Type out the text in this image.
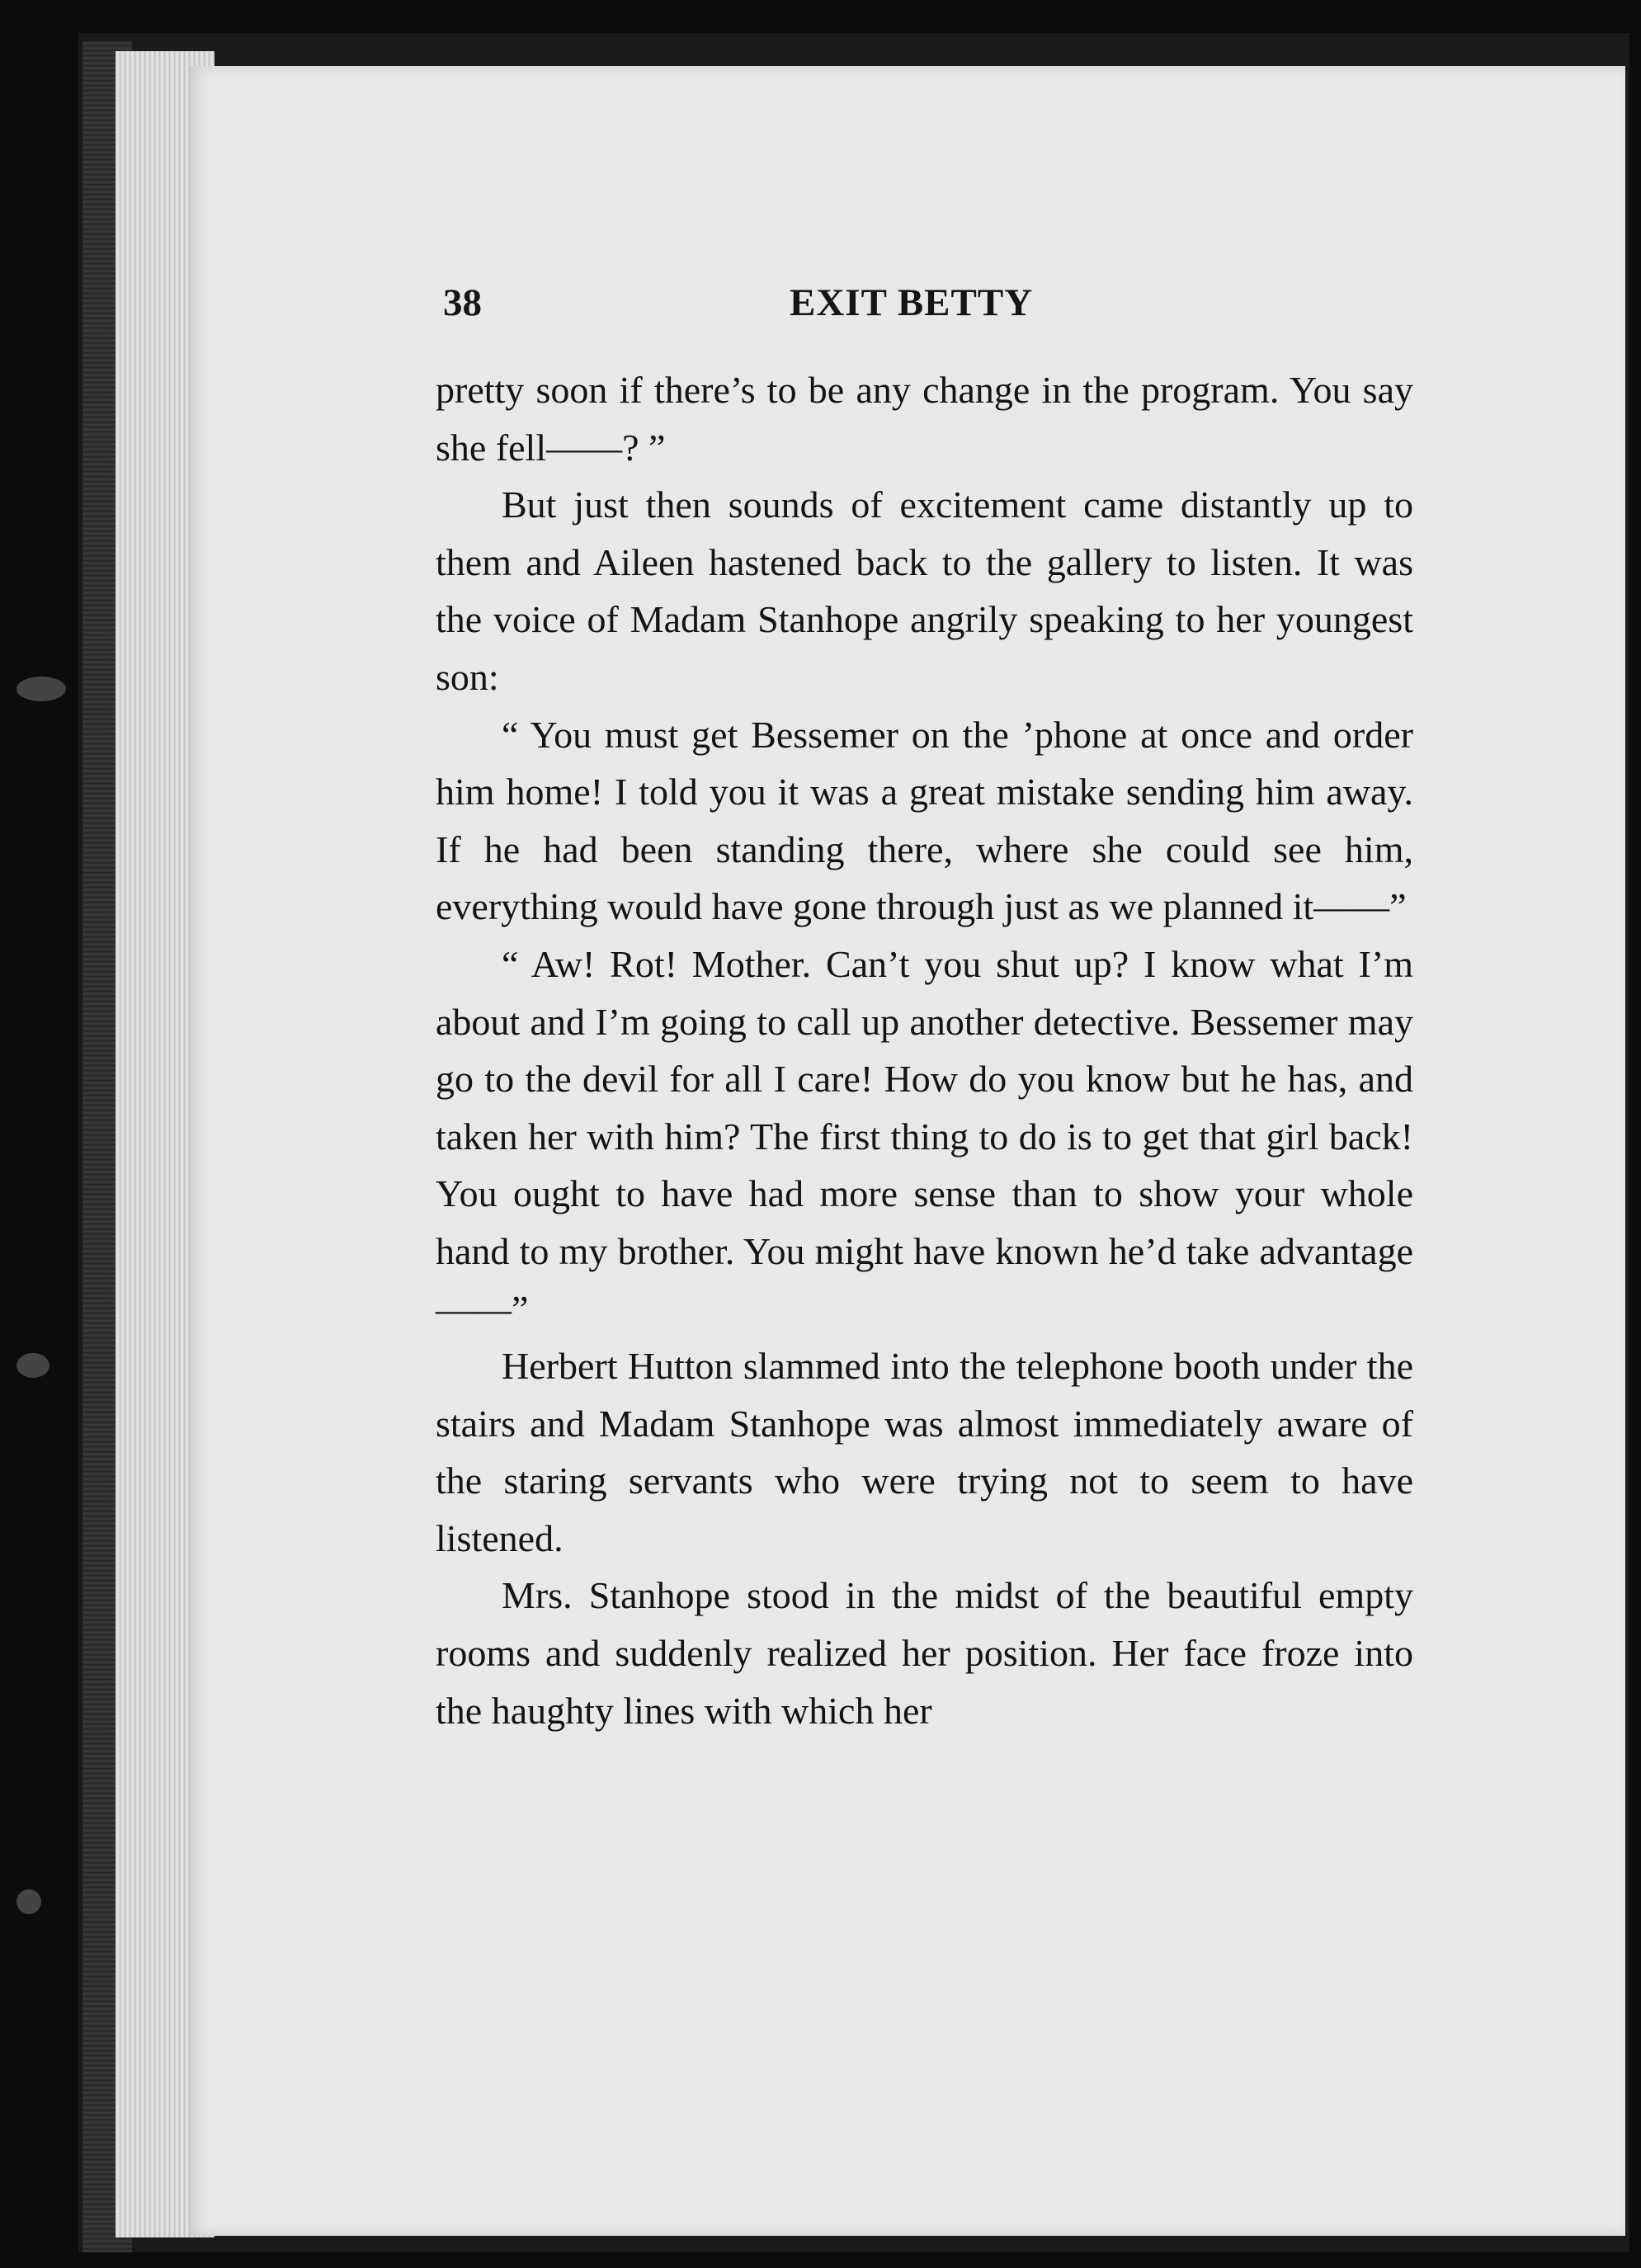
38	EXIT BETTY

pretty soon if there’s to be any change in the program. You say she fell——? ”

But just then sounds of excitement came distantly up to them and Aileen hastened back to the gallery to listen. It was the voice of Madam Stanhope angrily speaking to her youngest son:

“ You must get Bessemer on the ’phone at once and order him home! I told you it was a great mistake sending him away. If he had been standing there, where she could see him, everything would have gone through just as we planned it——”

“ Aw! Rot! Mother. Can’t you shut up? I know what I’m about and I’m going to call up another detective. Bessemer may go to the devil for all I care! How do you know but he has, and taken her with him? The first thing to do is to get that girl back! You ought to have had more sense than to show your whole hand to my brother. You might have known he’d take advantage——”

Herbert Hutton slammed into the telephone booth under the stairs and Madam Stanhope was almost immediately aware of the staring servants who were trying not to seem to have listened.

Mrs. Stanhope stood in the midst of the beautiful empty rooms and suddenly realized her position. Her face froze into the haughty lines with which her
